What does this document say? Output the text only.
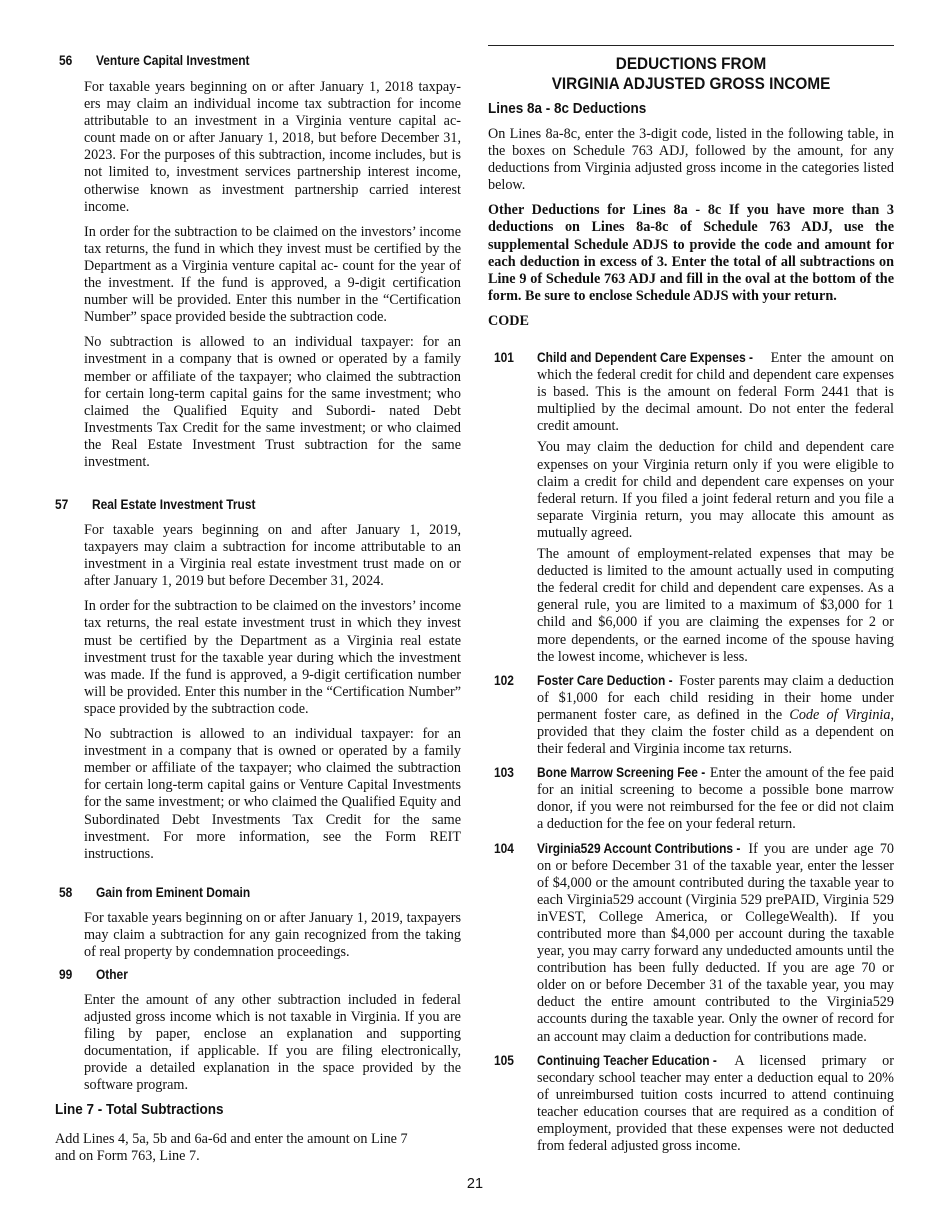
56	Venture Capital Investment

For taxable years beginning on or after January 1, 2018 taxpay- ers may claim an individual income tax subtraction for income attributable to an investment in a Virginia venture capital ac- count made on or after January 1, 2018, but before December 31, 2023. For the purposes of this subtraction, income includes, but is not limited to, investment services partnership interest income, otherwise known as investment partnership carried interest income.

In order for the subtraction to be claimed on the investors’ income tax returns, the fund in which they invest must be certified by the Department as a Virginia venture capital ac- count for the year of the investment. If the fund is approved, a 9-digit certification number will be provided. Enter this number in the “Certification Number” space provided beside the subtraction code.

No subtraction is allowed to an individual taxpayer: for an investment in a company that is owned or operated by a family member or affiliate of the taxpayer; who claimed the subtraction for certain long-term capital gains for the same investment; who claimed the Qualified Equity and Subordi- nated Debt Investments Tax Credit for the same investment; or who claimed the Real Estate Investment Trust subtraction for the same investment.

57	Real Estate Investment Trust

For taxable years beginning on and after January 1, 2019, taxpayers may claim a subtraction for income attributable to an investment in a Virginia real estate investment trust made on or after January 1, 2019 but before December 31, 2024.

In order for the subtraction to be claimed on the investors’ income tax returns, the real estate investment trust in which they invest must be certified by the Department as a Virginia real estate investment trust for the taxable year during which the investment was made. If the fund is approved, a 9-digit certification number will be provided. Enter this number in the “Certification Number” space provided by the subtraction code.

No subtraction is allowed to an individual taxpayer: for an investment in a company that is owned or operated by a family member or affiliate of the taxpayer; who claimed the subtraction for certain long-term capital gains or Venture Capital Investments for the same investment; or who claimed the Qualified Equity and Subordinated Debt Investments Tax Credit for the same investment. For more information, see the Form REIT instructions.

58	Gain from Eminent Domain

For taxable years beginning on or after January 1, 2019, taxpayers may claim a subtraction for any gain recognized from the taking of real property by condemnation proceedings.

99	Other

Enter the amount of any other subtraction included in federal adjusted gross income which is not taxable in Virginia. If you are filing by paper, enclose an explanation and supporting documentation, if applicable. If you are filing electronically, provide a detailed explanation in the space provided by the software program.

Line 7 - Total Subtractions

Add Lines 4, 5a, 5b and 6a-6d and enter the amount on Line 7

and on Form 763, Line 7.

DEDUCTIONS FROM
VIRGINIA ADJUSTED GROSS INCOME
Lines 8a - 8c Deductions

On Lines 8a-8c, enter the 3-digit code, listed in the following table, in the boxes on Schedule 763 ADJ, followed by the amount, for any deductions from Virginia adjusted gross income in the categories listed below.

Other Deductions for Lines 8a - 8c If you have more than 3 deductions on Lines 8a-8c of Schedule 763 ADJ, use the supplemental Schedule ADJS to provide the code and amount for each deduction in excess of 3. Enter the total of all subtractions on Line 9 of Schedule 763 ADJ and fill in the oval at the bottom of the form. Be sure to enclose Schedule ADJS with your return.

CODE

101	Child and Dependent Care Expenses - Enter the amount on which the federal credit for child and dependent care expenses is based. This is the amount on federal Form 2441 that is multiplied by the decimal amount. Do not enter the federal credit amount.

You may claim the deduction for child and dependent care expenses on your Virginia return only if you were eligible to claim a credit for child and dependent care expenses on your federal return. If you filed a joint federal return and you file a separate Virginia return, you may allocate this amount as mutually agreed.

The amount of employment-related expenses that may be deducted is limited to the amount actually used in computing the federal credit for child and dependent care expenses. As a general rule, you are limited to a maximum of $3,000 for 1 child and $6,000 if you are claiming the expenses for 2 or more dependents, or the earned income of the spouse having the lowest income, whichever is less.

102	Foster Care Deduction - Foster parents may claim a deduction of $1,000 for each child residing in their home under permanent foster care, as defined in the Code of Virginia, provided that they claim the foster child as a dependent on their federal and Virginia income tax returns.

103	Bone Marrow Screening Fee - Enter the amount of the fee paid for an initial screening to become a possible bone marrow donor, if you were not reimbursed for the fee or did not claim a deduction for the fee on your federal return.

104	Virginia529 Account Contributions - If you are under age 70 on or before December 31 of the taxable year, enter the lesser of $4,000 or the amount contributed during the taxable year to each Virginia529 account (Virginia 529 prePAID, Virginia 529 inVEST, College America, or CollegeWealth). If you contributed more than $4,000 per account during the taxable year, you may carry forward any undeducted amounts until the contribution has been fully deducted. If you are age 70 or older on or before December 31 of the taxable year, you may deduct the entire amount contributed to the Virginia529 accounts during the taxable year. Only the owner of record for an account may claim a deduction for contributions made.

105	Continuing Teacher Education - A licensed primary or secondary school teacher may enter a deduction equal to 20% of unreimbursed tuition costs incurred to attend continuing teacher education courses that are required as a condition of employment, provided that these expenses were not deducted from federal adjusted gross income.

21
